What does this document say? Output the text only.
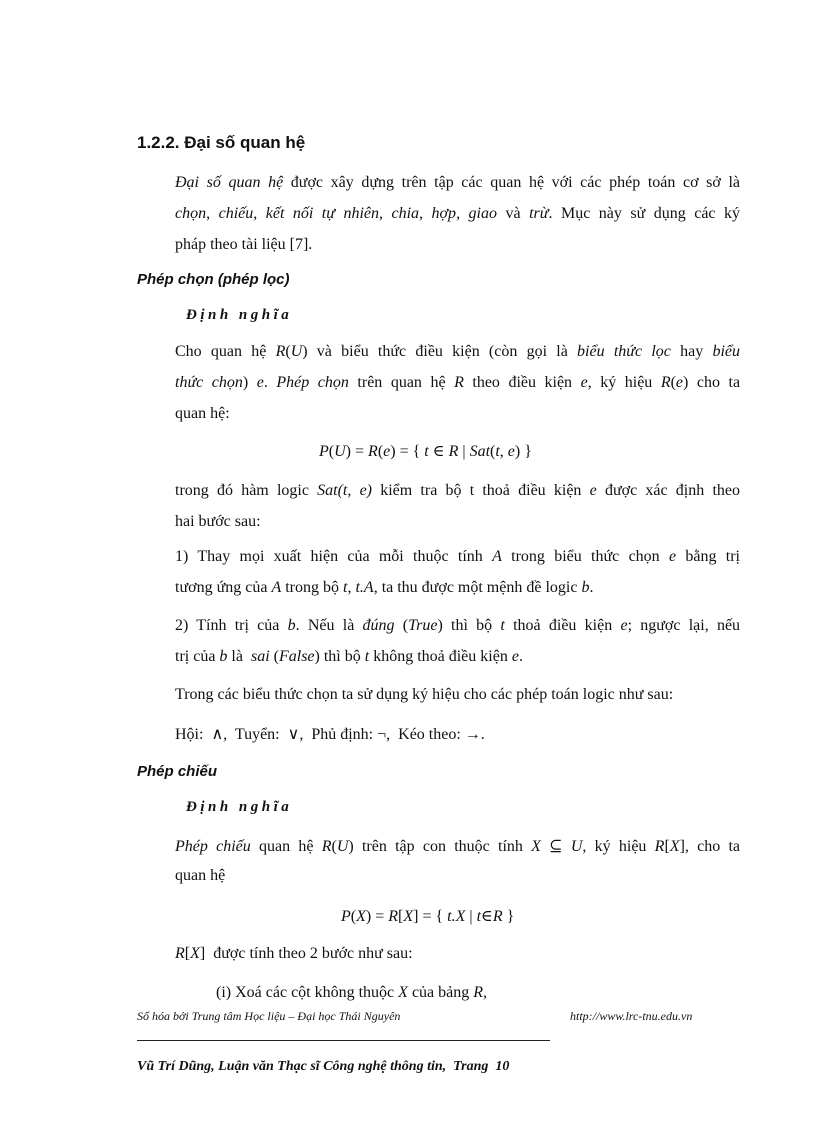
1.2.2. Đại số quan hệ
Đại số quan hệ được xây dựng trên tập các quan hệ với các phép toán cơ sở là
chọn, chiếu, kết nối tự nhiên, chia, hợp, giao và trừ. Mục này sử dụng các ký
pháp theo tài liệu [7].
Phép chọn (phép lọc)
Định nghĩa
Cho quan hệ R(U) và biểu thức điều kiện (còn gọi là biểu thức lọc hay biểu
thức chọn) e. Phép chọn trên quan hệ R theo điều kiện e, ký hiệu R(e) cho ta
quan hệ:
P(U) = R(e) = { t ∈ R | Sat(t, e) }
trong đó hàm logic Sat(t, e) kiểm tra bộ t thoả điều kiện e được xác định theo
hai bước sau:
1) Thay mọi xuất hiện của mỗi thuộc tính A trong biểu thức chọn e bằng trị
tương ứng của A trong bộ t, t.A, ta thu được một mệnh đề logic b.
2) Tính trị của b. Nếu là đúng (True) thì bộ t thoả điều kiện e; ngược lại, nếu
trị của b là  sai (False) thì bộ t không thoả điều kiện e.
Trong các biểu thức chọn ta sử dụng ký hiệu cho các phép toán logic như sau:
Hội:  ∧,  Tuyển:  ∨,  Phủ định: ¬,  Kéo theo: →.
Phép chiếu
Định nghĩa
Phép chiếu quan hệ R(U) trên tập con thuộc tính X ⊆ U, ký hiệu R[X], cho ta
quan hệ
P(X) = R[X] = { t.X | t∈R }
R[X]  được tính theo 2 bước như sau:
(i) Xoá các cột không thuộc X của bảng R,
Số hóa bởi Trung tâm Học liệu – Đại học Thái Nguyên	http://www.lrc-tnu.edu.vn
Vũ Trí Dũng, Luận văn Thạc sĩ Công nghệ thông tin,  Trang  10
